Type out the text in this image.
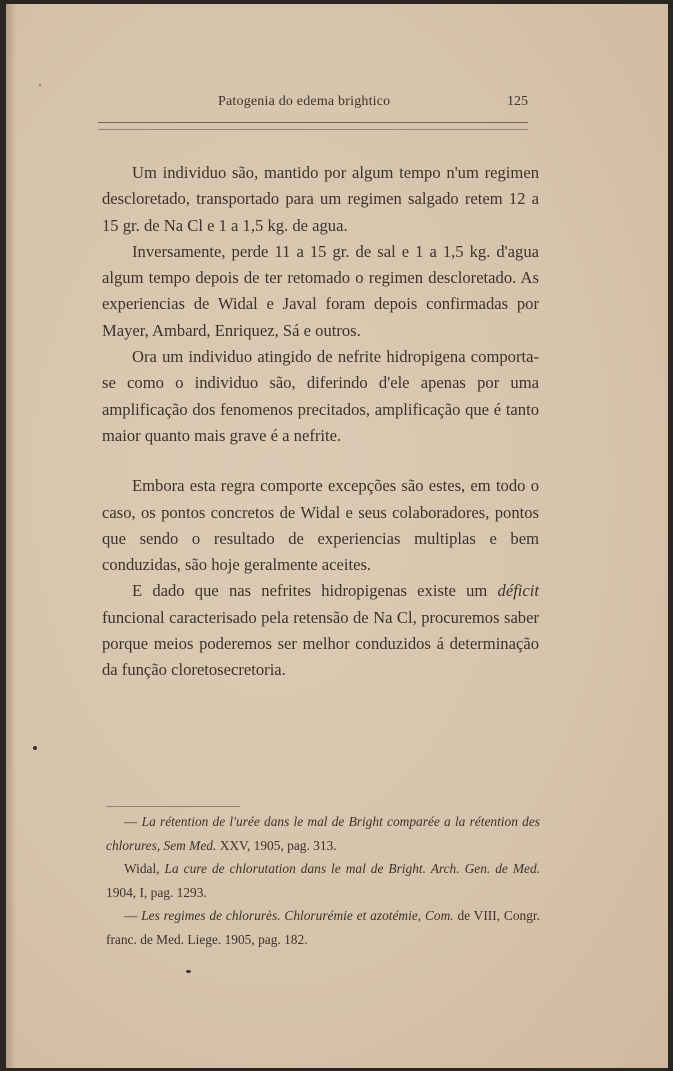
Patogenia do edema brightico	125

Um individuo são, mantido por algum tempo n'um regimen descloretado, transportado para um regimen salgado retem 12 a 15 gr. de Na Cl e 1 a 1,5 kg. de agua.

Inversamente, perde 11 a 15 gr. de sal e 1 a 1,5 kg. d'agua algum tempo depois de ter retomado o regimen descloretado. As experiencias de Widal e Javal foram depois confirmadas por Mayer, Ambard, Enriquez, Sá e outros.

Ora um individuo atingido de nefrite hidropigena comporta-se como o individuo são, diferindo d'ele apenas por uma amplificação dos fenomenos precitados, amplificação que é tanto maior quanto mais grave é a nefrite.

Embora esta regra comporte excepções são estes, em todo o caso, os pontos concretos de Widal e seus colaboradores, pontos que sendo o resultado de experiencias multiplas e bem conduzidas, são hoje geralmente aceites.

E dado que nas nefrites hidropigenas existe um déficit funcional caracterisado pela retensão de Na Cl, procuremos saber porque meios poderemos ser melhor conduzidos á determinação da função cloretosecretoria.

— La rétention de l'urée dans le mal de Bright comparée a la rétention des chlorures, Sem Med. XXV, 1905, pag. 313.

Widal, La cure de chlorutation dans le mal de Bright. Arch. Gen. de Med. 1904, I, pag. 1293.

— Les regimes de chlorurès. Chlorurémie et azotémie, Com. de VIII, Congr. franc. de Med. Liege. 1905, pag. 182.
